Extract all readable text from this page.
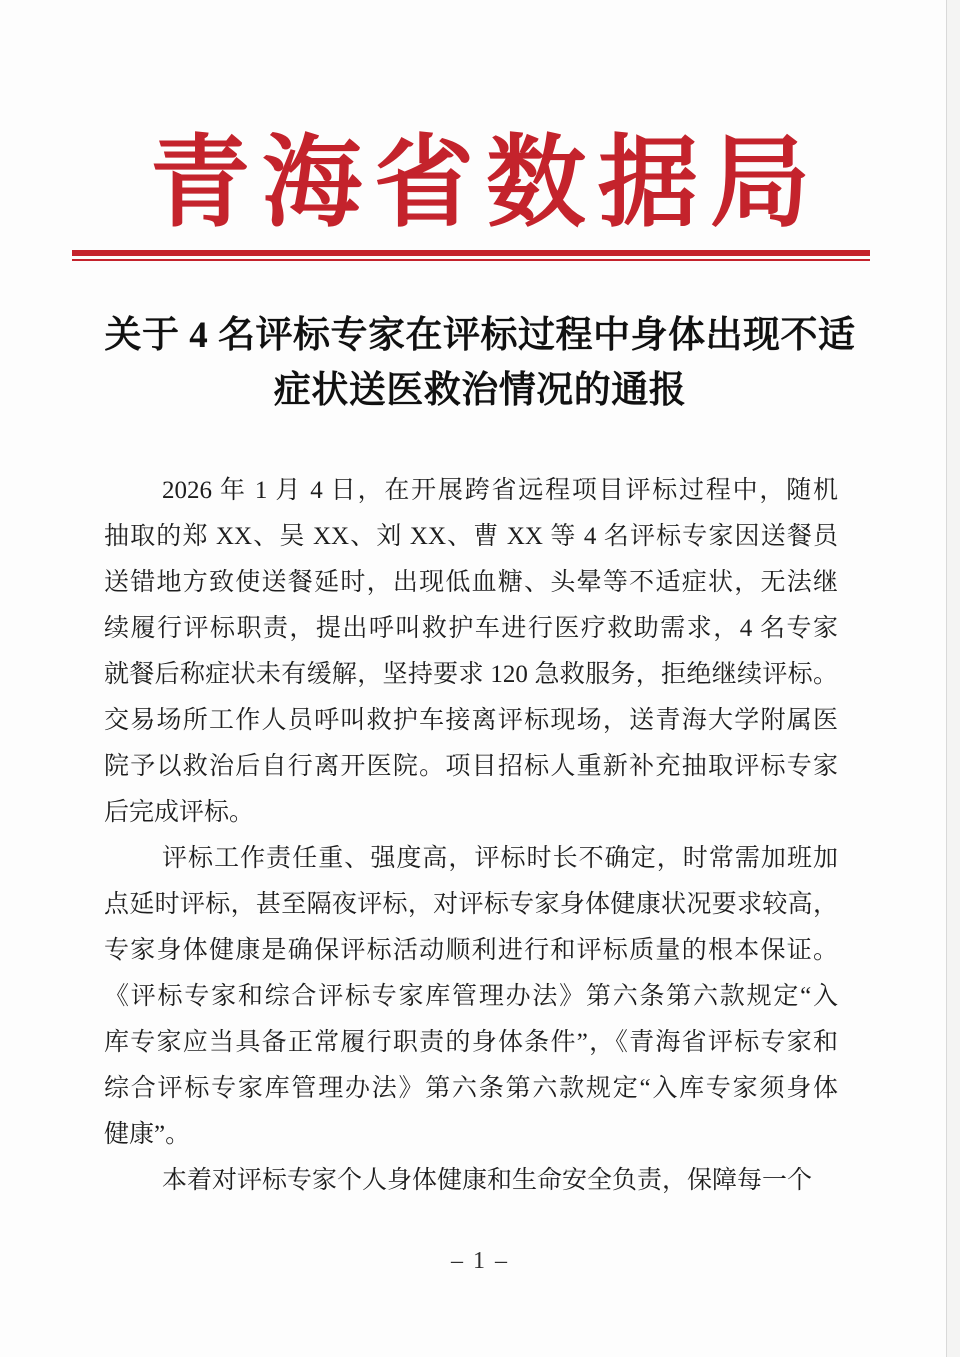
青海省数据局
关于 4 名评标专家在评标过程中身体出现不适
症状送医救治情况的通报
2026 年 1 月 4 日，在开展跨省远程项目评标过程中，随机
抽取的郑 XX、吴 XX、刘 XX、曹 XX 等 4 名评标专家因送餐员
送错地方致使送餐延时，出现低血糖、头晕等不适症状，无法继
续履行评标职责，提出呼叫救护车进行医疗救助需求，4 名专家
就餐后称症状未有缓解，坚持要求 120 急救服务，拒绝继续评标。
交易场所工作人员呼叫救护车接离评标现场，送青海大学附属医
院予以救治后自行离开医院。项目招标人重新补充抽取评标专家
后完成评标。
评标工作责任重、强度高，评标时长不确定，时常需加班加
点延时评标，甚至隔夜评标，对评标专家身体健康状况要求较高，
专家身体健康是确保评标活动顺利进行和评标质量的根本保证。
《评标专家和综合评标专家库管理办法》第六条第六款规定“入
库专家应当具备正常履行职责的身体条件”，《青海省评标专家和
综合评标专家库管理办法》第六条第六款规定“入库专家须身体
健康”。
本着对评标专家个人身体健康和生命安全负责，保障每一个
– 1 –
